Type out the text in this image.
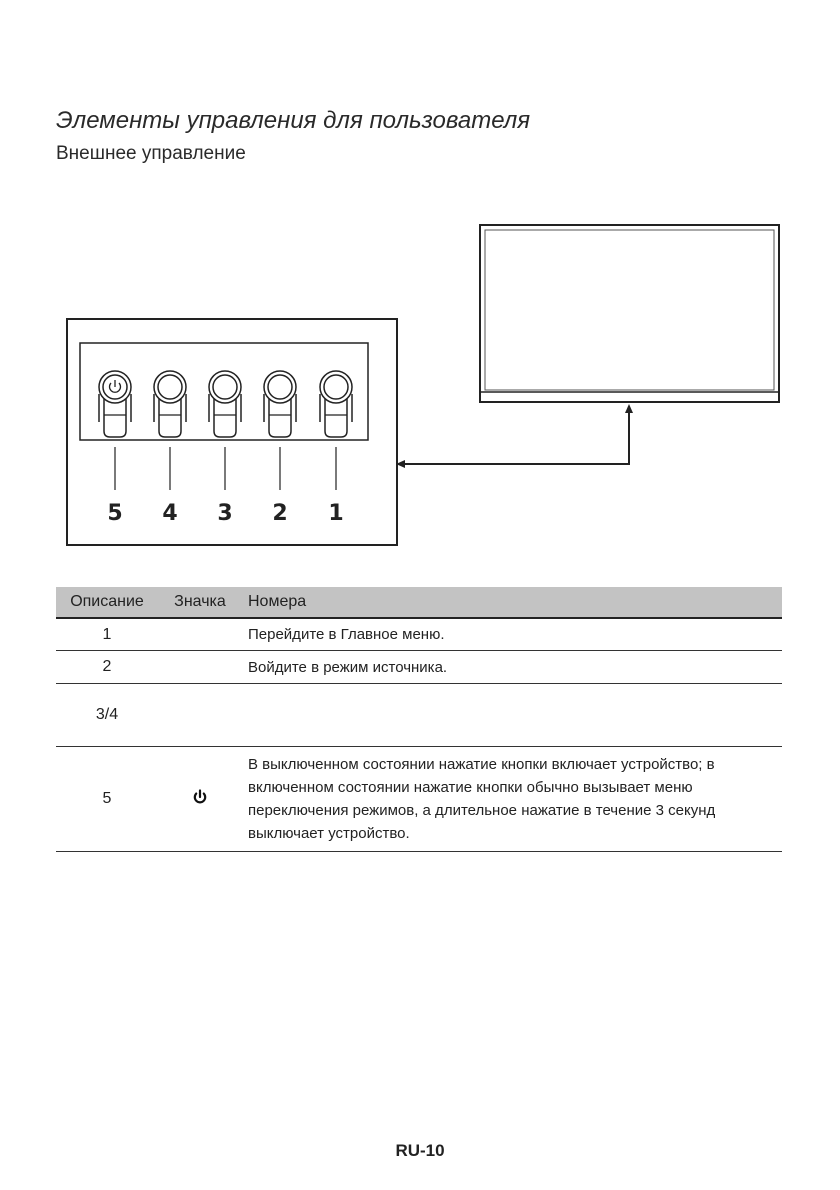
Элементы управления для пользователя
Внешнее управление
5 4 3 2 1
Описание	Значка	Номера
1		Перейдите в Главное меню.
2		Войдите в режим источника.
3/4		
5		В выключенном состоянии нажатие кнопки включает устройство; в включенном состоянии нажатие кнопки обычно вызывает меню переключения режимов, а длительное нажатие в течение 3 секунд выключает устройство.
RU-10
